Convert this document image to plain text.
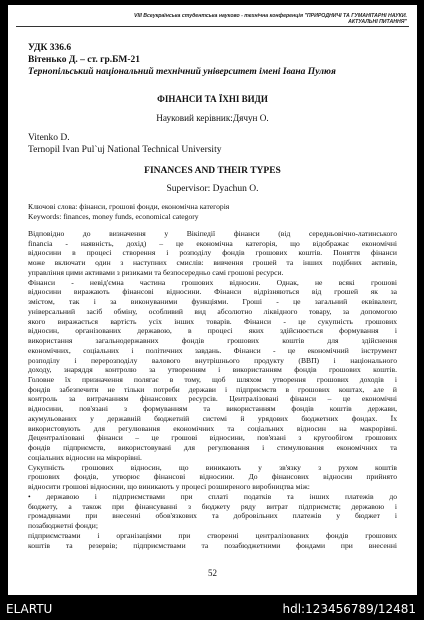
VIII Всеукраїнська студентська науково - технічна конференція "ПРИРОДНИЧІ ТА ГУМАНІТАРНІ НАУКИ.
АКТУАЛЬНІ ПИТАННЯ"
УДК 336.6
Вітенько Д. – ст. гр.БМ-21
Тернопільський національний технічний університет імені Івана Пулюя
ФІНАНСИ ТА ЇХНІ ВИДИ
Науковий керівник:Дячун О.
Vitenko D.
Ternopil Ivan Pul`uj National Technical University
FINANCES AND THEIR TYPES
Supervisor: Dyachun O.
Ключові слова: фінанси, грошові фонди, економічна категорія
Keywords: finances, money funds, economical category
Відповідно до визначення у Вікіпедії фінанси (від середньовічно-латинського
financia - наявність, дохід) – це економічна категорія, що відображає економічні
відносини в процесі створення і розподілу фондів грошових коштів. Поняття фінанси
може включати один з наступних смислів: вивчення грошей та інших подібних активів,
управління цими активами з ризиками та безпосередньо самі грошові ресурси.
Фінанси - невід'ємна частина грошових відносин. Однак, не всякі грошові
відносини виражають фінансові відносини. Фінанси відрізняються від грошей як за
змістом, так і за виконуваними функціями. Гроші - це загальний еквівалент,
універсальний засіб обміну, особливий вид абсолютно ліквідного товару, за допомогою
якого виражається вартість усіх інших товарів. Фінанси - це сукупність грошових
відносин, організованих державою, в процесі яких здійснюється формування і
використання загальнодержавних фондів грошових коштів для здійснення
економічних, соціальних і політичних завдань. Фінанси - це економічний інструмент
розподілу і перерозподілу валового внутрішнього продукту (ВВП) і національного
доходу, знаряддя контролю за утворенням і використанням фондів грошових коштів.
Головне їх призначення полягає в тому, щоб шляхом утворення грошових доходів і
фондів забезпечити не тільки потреби держави і підприємств в грошових коштах, але й
контроль за витрачанням фінансових ресурсів. Централізовані фінанси – це економічні
відносини, пов'язані з формуванням та використанням фондів коштів держави,
акумульованих у державній бюджетній системі й урядових бюджетних фондах. Їх
використовують для регулювання економічних та соціальних відносин на макрорівні.
Децентралізовані фінанси – це грошові відносини, пов'язані з кругообігом грошових
фондів підприємств, використовувані для регулювання і стимулювання економічних та
соціальних відносин на мікрорівні.
Сукупність грошових відносин, що виникають у зв'язку з рухом коштів
грошових фондів, утворює фінансові відносини. До фінансових відносин прийнято
відносити грошові відносини, що виникають у процесі розширеного виробництва між:
• державою і підприємствами при сплаті податків та інших платежів до
бюджету, а також при фінансуванні з бюджету ряду витрат підприємств; державою і
громадянами при внесенні обов'язкових та добровільних платежів у бюджет і
позабюджетні фонди;
підприємствами і організаціями при створенні централізованих фондів грошових
коштів та резервів; підприємствами та позабюджетними фондами при внесенні
52
ELARTU	hdl:123456789/12481
